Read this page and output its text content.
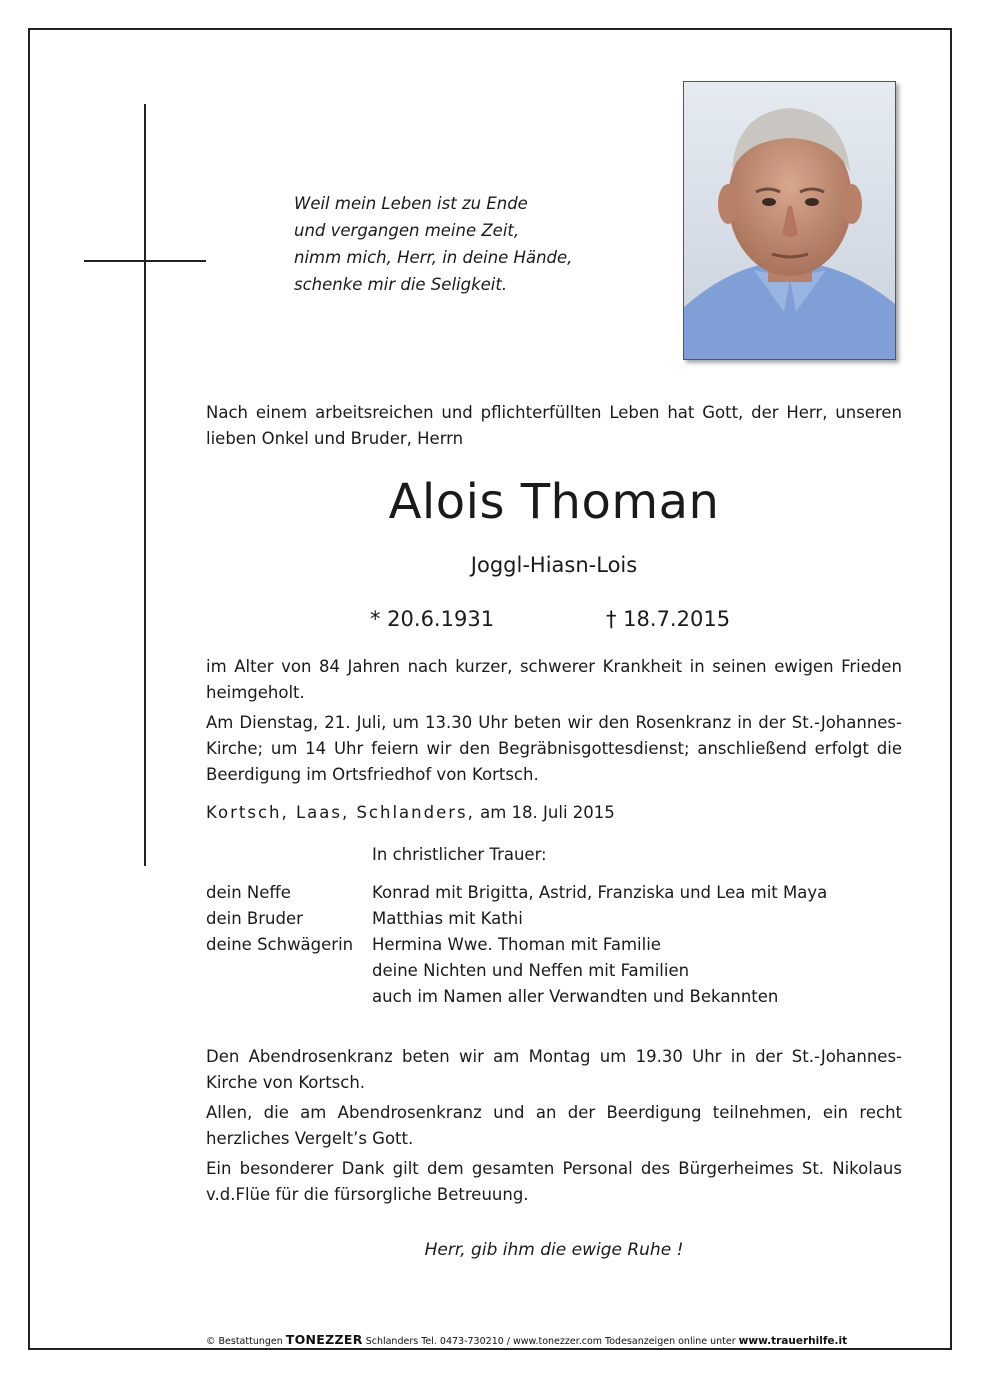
Weil mein Leben ist zu Ende
und vergangen meine Zeit,
nimm mich, Herr, in deine Hände,
schenke mir die Seligkeit.
Nach einem arbeitsreichen und pflichterfüllten Leben hat Gott, der Herr, unseren lieben Onkel und Bruder, Herrn
Alois Thoman
Joggl-Hiasn-Lois
* 20.6.1931	† 18.7.2015
im Alter von 84 Jahren nach kurzer, schwerer Krankheit in seinen ewigen Frieden heimgeholt.
Am Dienstag, 21. Juli, um 13.30 Uhr beten wir den Rosenkranz in der St.-Johannes-Kirche; um 14 Uhr feiern wir den Begräbnisgottesdienst; anschließend erfolgt die Beerdigung im Ortsfriedhof von Kortsch.
Kortsch, Laas, Schlanders, am 18. Juli 2015
In christlicher Trauer:
dein Neffe	Konrad mit Brigitta, Astrid, Franziska und Lea mit Maya
dein Bruder	Matthias mit Kathi
deine Schwägerin	Hermina Wwe. Thoman mit Familie
deine Nichten und Neffen mit Familien
auch im Namen aller Verwandten und Bekannten
Den Abendrosenkranz beten wir am Montag um 19.30 Uhr in der St.-Johannes-Kirche von Kortsch.
Allen, die am Abendrosenkranz und an der Beerdigung teilnehmen, ein recht herzliches Vergelt’s Gott.
Ein besonderer Dank gilt dem gesamten Personal des Bürgerheimes St. Nikolaus v.d.Flüe für die fürsorgliche Betreuung.
Herr, gib ihm die ewige Ruhe !
© Bestattungen TONEZZER Schlanders Tel. 0473-730210 / www.tonezzer.com Todesanzeigen online unter www.trauerhilfe.it
